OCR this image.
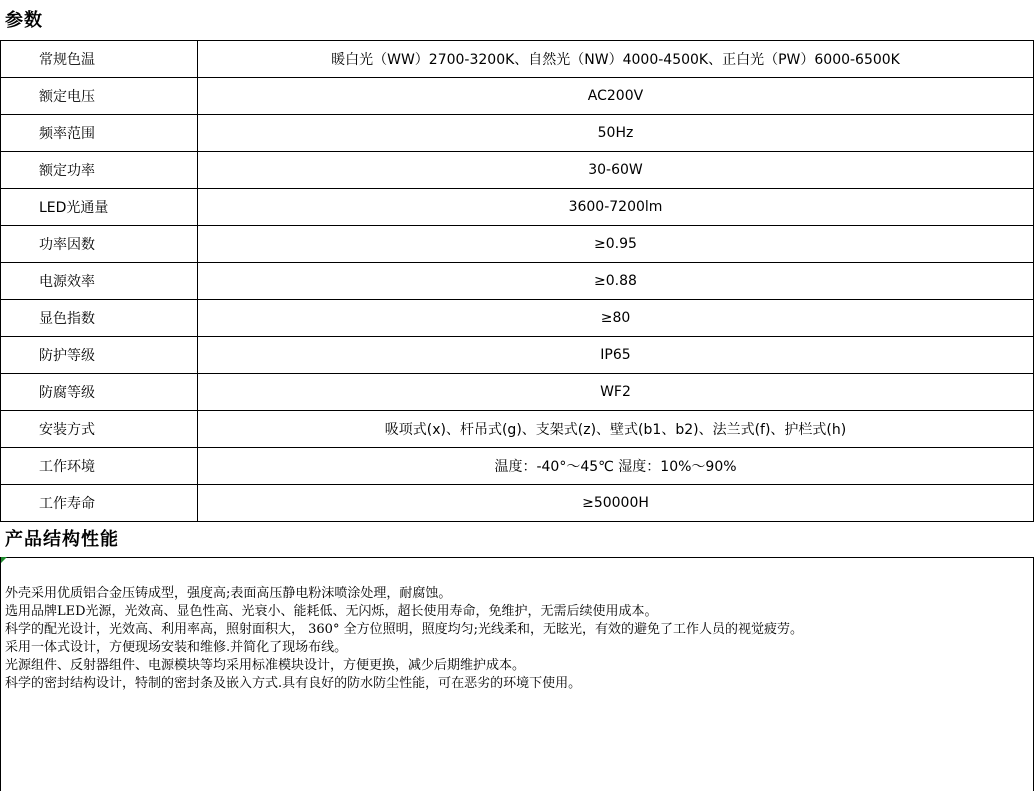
参数
常规色温	暖白光（WW）2700-3200K、自然光（NW）4000-4500K、正白光（PW）6000-6500K
额定电压	AC200V
频率范围	50Hz
额定功率	30-60W
LED光通量	3600-7200lm
功率因数	≥0.95
电源效率	≥0.88
显色指数	≥80
防护等级	IP65
防腐等级	WF2
安装方式	吸项式(x)、杆吊式(g)、支架式(z)、壁式(b1、b2)、法兰式(f)、护栏式(h)
工作环境	温度：-40°～45℃ 湿度：10%～90%
工作寿命	≥50000H
产品结构性能
外壳采用优质铝合金压铸成型，强度高;表面高压静电粉沫喷涂处理，耐腐蚀。
选用品牌LED光源，光效高、显色性高、光衰小、能耗低、无闪烁，超长使用寿命，免维护，无需后续使用成本。
科学的配光设计，光效高、利用率高，照射面积大， 360° 全方位照明，照度均匀;光线柔和，无眩光，有效的避免了工作人员的视觉疲劳。
采用一体式设计，方便现场安装和维修.并简化了现场布线。
光源组件、反射器组件、电源模块等均采用标准模块设计，方便更换，减少后期维护成本。
科学的密封结构设计，特制的密封条及嵌入方式.具有良好的防水防尘性能，可在恶劣的环境下使用。
